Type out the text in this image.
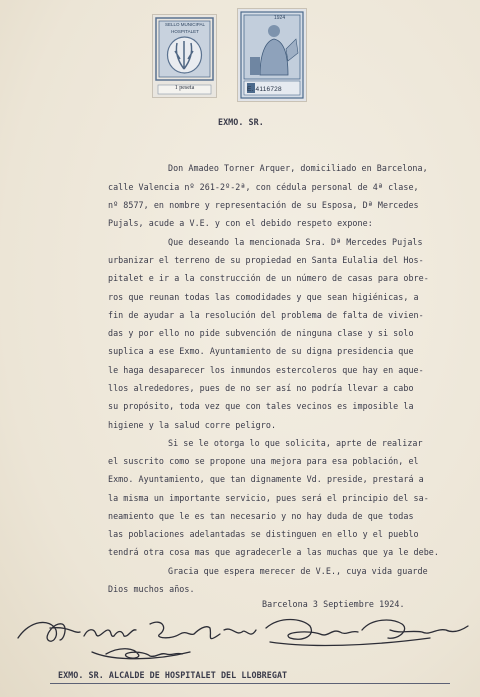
SELLO MUNICIPAL
HOSPITALET
1 peseta
1924
E. 4116728
EXMO. SR.
Don Amadeo Torner Arquer, domiciliado en Barcelona,
calle Valencia nº 261-2º-2ª, con cédula personal de 4ª clase,
nº 8577, en nombre y representación de su Esposa, Dª Mercedes
Pujals, acude a V.E. y con el debido respeto expone:
Que deseando la mencionada Sra. Dª Mercedes Pujals
urbanizar el terreno de su propiedad en Santa Eulalia del Hos-
pitalet e ir a la construcción de un número de casas para obre-
ros que reunan todas las comodidades y que sean higiénicas, a
fin de ayudar a la resolución del problema de falta de vivien-
das y por ello no pide subvención de ninguna clase y si solo
suplica a ese Exmo. Ayuntamiento de su digna presidencia que
le haga desaparecer los inmundos estercoleros que hay en aque-
llos alrededores, pues de no ser así no podría llevar a cabo
su propósito, toda vez que con tales vecinos es imposible la
higiene y la salud corre peligro.
Si se le otorga lo que solicita, aprte de realizar
el suscrito como se propone una mejora para esa población, el
Exmo. Ayuntamiento, que tan dignamente Vd. preside, prestará a
la misma un importante servicio, pues será el principio del sa-
neamiento que le es tan necesario y no hay duda de que todas
las poblaciones adelantadas se distinguen en ello y el pueblo
tendrá otra cosa mas que agradecerle a las muchas que ya le debe.
Gracia que espera merecer de V.E., cuya vida guarde
Dios muchos años.
Barcelona 3 Septiembre 1924.
EXMO. SR. ALCALDE DE HOSPITALET DEL LLOBREGAT
